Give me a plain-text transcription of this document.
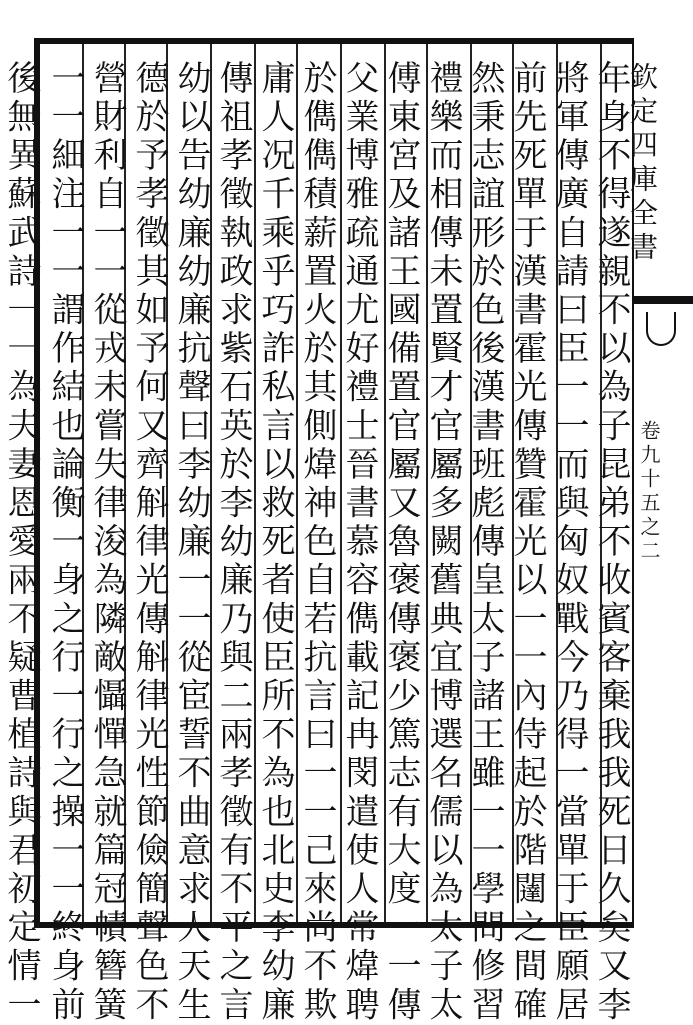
年身不得遂親不以為子昆弟不收賓客棄我我死日久矣又李
將軍傳廣自請曰臣一一而與匈奴戰今乃得一當單于臣願居
前先死單于漢書霍光傳贊霍光以一一內侍起於階闥之間確
然秉志誼形於色後漢書班彪傳皇太子諸王雖一一學問修習
禮樂而相傳未置賢才官屬多闕舊典宜博選名儒以為太子太
傅東宮及諸王國備置官屬又魯褒傳褒少篤志有大度一一傳
父業博雅疏通尤好禮士晉書慕容儁載記冉閔遣使人常煒聘
於儁儁積薪置火於其側煒神色自若抗言曰一一己來尚不欺
庸人况千乘乎巧詐私言以救死者使臣所不為也北史李幼廉
傳祖孝徵執政求紫石英於李幼廉乃與二兩孝徵有不平之言
幼以告幼廉幼廉抗聲曰李幼廉一一從宦誓不曲意求人天生
德於予孝徵其如予何又齊斛律光傳斛律光性節儉簡聲色不
營財利自一一從戎未嘗失律浚為隣敵懾憚急就篇冠幘簪簧
一一細注一一謂作結也論衡一身之行一行之操一一終身前
後無異蘇武詩一一為夫妻恩愛兩不疑曹植詩與君初定情一	欽定四庫全書
卷九十五之二
